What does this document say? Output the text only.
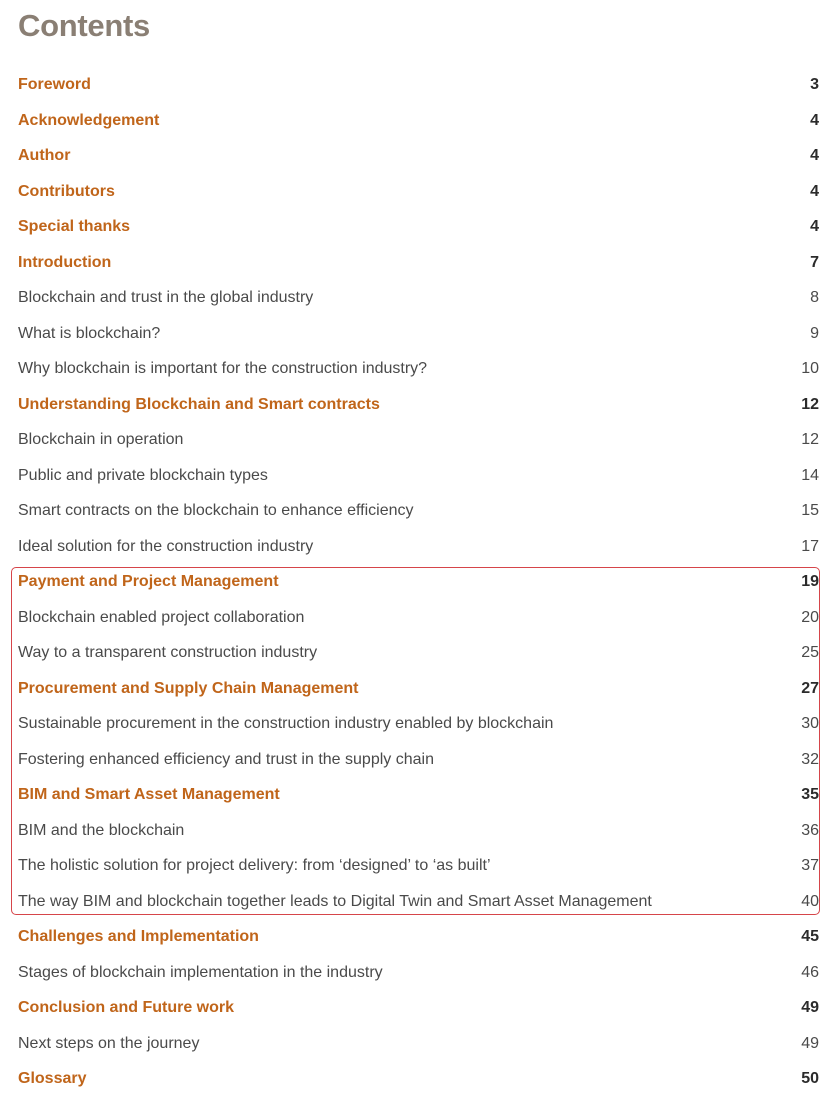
Contents
Foreword	3
Acknowledgement	4
Author	4
Contributors	4
Special thanks	4
Introduction	7
Blockchain and trust in the global industry	8
What is blockchain?	9
Why blockchain is important for the construction industry?	10
Understanding Blockchain and Smart contracts	12
Blockchain in operation	12
Public and private blockchain types	14
Smart contracts on the blockchain to enhance efficiency	15
Ideal solution for the construction industry	17
Payment and Project Management	19
Blockchain enabled project collaboration	20
Way to a transparent construction industry	25
Procurement and Supply Chain Management	27
Sustainable procurement in the construction industry enabled by blockchain	30
Fostering enhanced efficiency and trust in the supply chain	32
BIM and Smart Asset Management	35
BIM and the blockchain	36
The holistic solution for project delivery: from ‘designed’ to ‘as built’	37
The way BIM and blockchain together leads to Digital Twin and Smart Asset Management	40
Challenges and Implementation	45
Stages of blockchain implementation in the industry	46
Conclusion and Future work	49
Next steps on the journey	49
Glossary	50
